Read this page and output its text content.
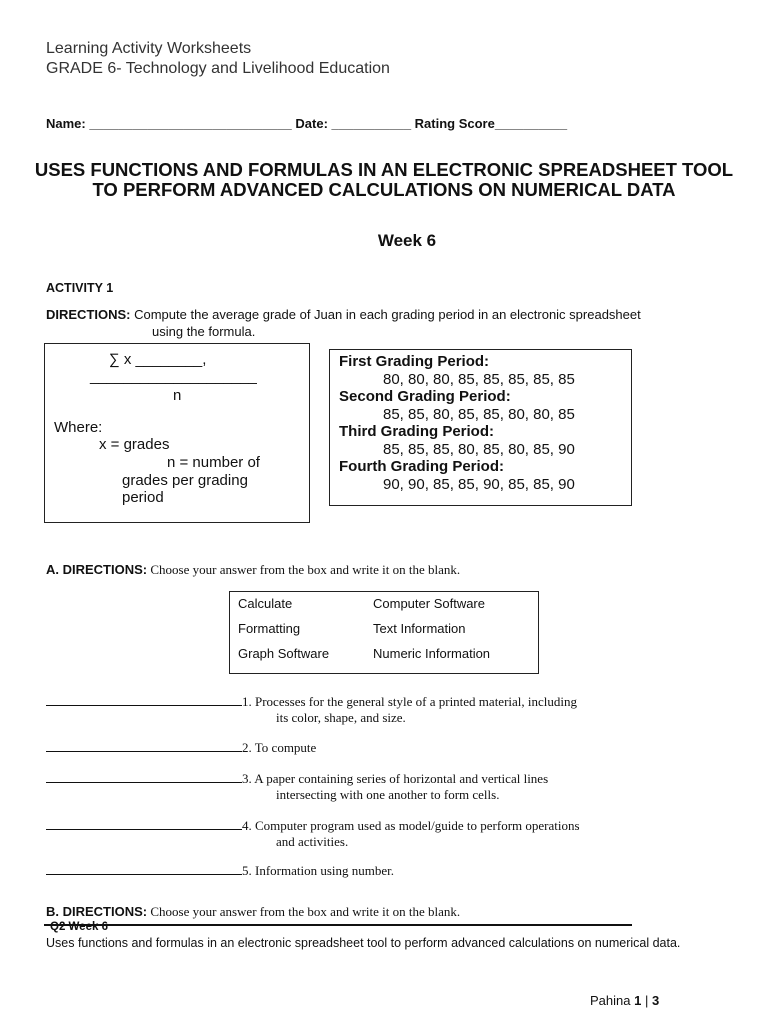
Learning Activity Worksheets
GRADE 6- Technology and Livelihood Education
Name: ____________________________ Date: ___________ Rating Score__________
USES FUNCTIONS AND FORMULAS IN AN ELECTRONIC SPREADSHEET TOOL TO PERFORM ADVANCED CALCULATIONS ON NUMERICAL DATA
Week 6
ACTIVITY 1
DIRECTIONS: Compute the average grade of Juan in each grading period in an electronic spreadsheet
using the formula.
∑ x ________,
____________________
n
Where:
x = grades
n = number of
grades per grading
period
First Grading Period:
80, 80, 80, 85, 85, 85, 85, 85
Second Grading Period:
85, 85, 80, 85, 85, 80, 80, 85
Third Grading Period:
85, 85, 85, 80, 85, 80, 85, 90
Fourth Grading Period:
90, 90, 85, 85, 90, 85, 85, 90
A. DIRECTIONS: Choose your answer from the box and write it on the blank.
Calculate	Computer Software
Formatting	Text Information
Graph Software	Numeric Information
1. Processes for the general style of a printed material, including
its color, shape, and size.
2. To compute
3. A paper containing series of horizontal and vertical lines
intersecting with one another to form cells.
4. Computer program used as model/guide to perform operations
and activities.
5. Information using number.
B. DIRECTIONS: Choose your answer from the box and write it on the blank.
Q2 Week 6
Uses functions and formulas in an electronic spreadsheet tool to perform advanced calculations on numerical data.
Pahina 1 | 3
